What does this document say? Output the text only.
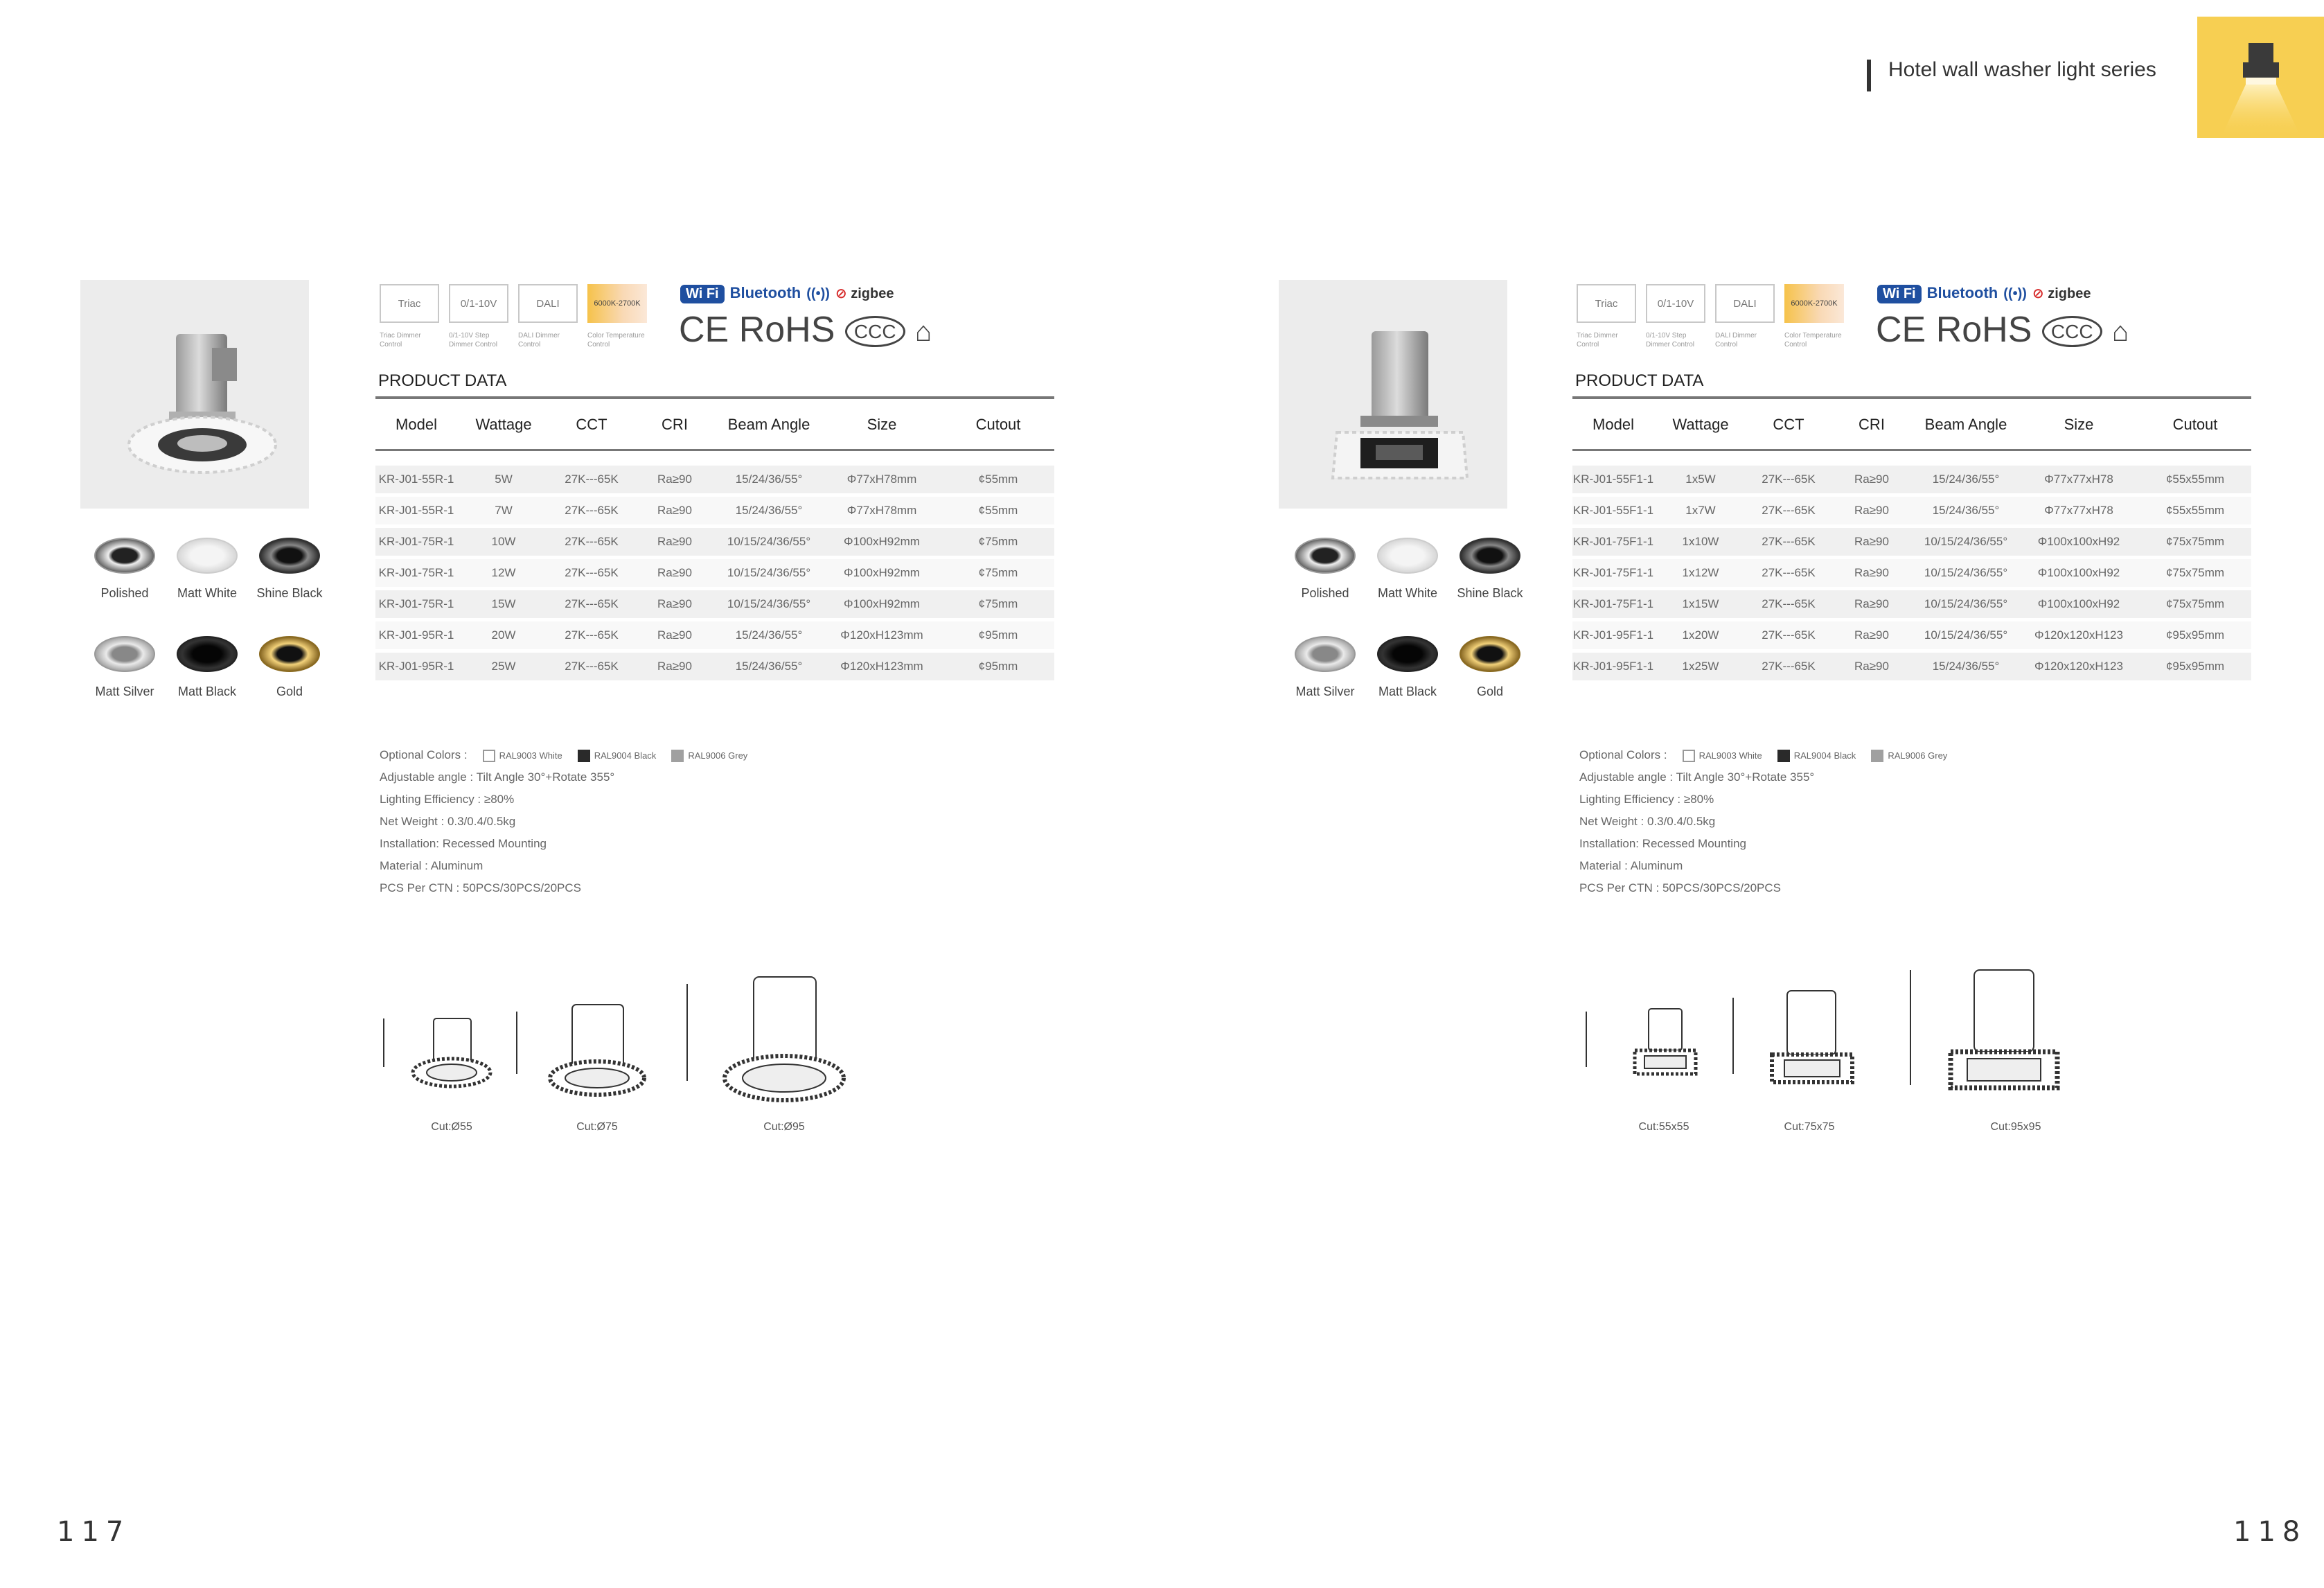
Hotel wall washer light series
Polished	Matt White	Shine Black
Matt Silver	Matt Black	Gold
Triac	0/1-10V	DALI	6000K-2700K
Triac Dimmer Control
0/1-10V Step Dimmer Control
DALI Dimmer Control
Color Temperature Control
Wi Fi Bluetooth ((•)) ⊘ zigbee
CE RoHS CCC ⌂
PRODUCT DATA
Model	Wattage	CCT	CRI	Beam Angle	Size	Cutout
KR-J01-55R-1	5W	27K---65K	Ra≥90	15/24/36/55°	Φ77xH78mm	¢55mm
KR-J01-55R-1	7W	27K---65K	Ra≥90	15/24/36/55°	Φ77xH78mm	¢55mm
KR-J01-75R-1	10W	27K---65K	Ra≥90	10/15/24/36/55°	Φ100xH92mm	¢75mm
KR-J01-75R-1	12W	27K---65K	Ra≥90	10/15/24/36/55°	Φ100xH92mm	¢75mm
KR-J01-75R-1	15W	27K---65K	Ra≥90	10/15/24/36/55°	Φ100xH92mm	¢75mm
KR-J01-95R-1	20W	27K---65K	Ra≥90	15/24/36/55°	Φ120xH123mm	¢95mm
KR-J01-95R-1	25W	27K---65K	Ra≥90	15/24/36/55°	Φ120xH123mm	¢95mm
Optional Colors :	RAL9003 White	RAL9004 Black	RAL9006 Grey
Adjustable angle : Tilt Angle 30°+Rotate 355°
Lighting Efficiency : ≥80%
Net Weight : 0.3/0.4/0.5kg
Installation: Recessed Mounting
Material : Aluminum
PCS Per CTN : 50PCS/30PCS/20PCS
Cut:Ø55	Cut:Ø75	Cut:Ø95
117
Polished	Matt White	Shine Black
Matt Silver	Matt Black	Gold
Triac	0/1-10V	DALI	6000K-2700K
Triac Dimmer Control
0/1-10V Step Dimmer Control
DALI Dimmer Control
Color Temperature Control
Wi Fi Bluetooth ((•)) ⊘ zigbee
CE RoHS CCC ⌂
PRODUCT DATA
Model	Wattage	CCT	CRI	Beam Angle	Size	Cutout
KR-J01-55F1-1	1x5W	27K---65K	Ra≥90	15/24/36/55°	Φ77x77xH78	¢55x55mm
KR-J01-55F1-1	1x7W	27K---65K	Ra≥90	15/24/36/55°	Φ77x77xH78	¢55x55mm
KR-J01-75F1-1	1x10W	27K---65K	Ra≥90	10/15/24/36/55°	Φ100x100xH92	¢75x75mm
KR-J01-75F1-1	1x12W	27K---65K	Ra≥90	10/15/24/36/55°	Φ100x100xH92	¢75x75mm
KR-J01-75F1-1	1x15W	27K---65K	Ra≥90	10/15/24/36/55°	Φ100x100xH92	¢75x75mm
KR-J01-95F1-1	1x20W	27K---65K	Ra≥90	10/15/24/36/55°	Φ120x120xH123	¢95x95mm
KR-J01-95F1-1	1x25W	27K---65K	Ra≥90	15/24/36/55°	Φ120x120xH123	¢95x95mm
Optional Colors :	RAL9003 White	RAL9004 Black	RAL9006 Grey
Adjustable angle : Tilt Angle 30°+Rotate 355°
Lighting Efficiency : ≥80%
Net Weight : 0.3/0.4/0.5kg
Installation: Recessed Mounting
Material : Aluminum
PCS Per CTN : 50PCS/30PCS/20PCS
Cut:55x55	Cut:75x75	Cut:95x95
118
